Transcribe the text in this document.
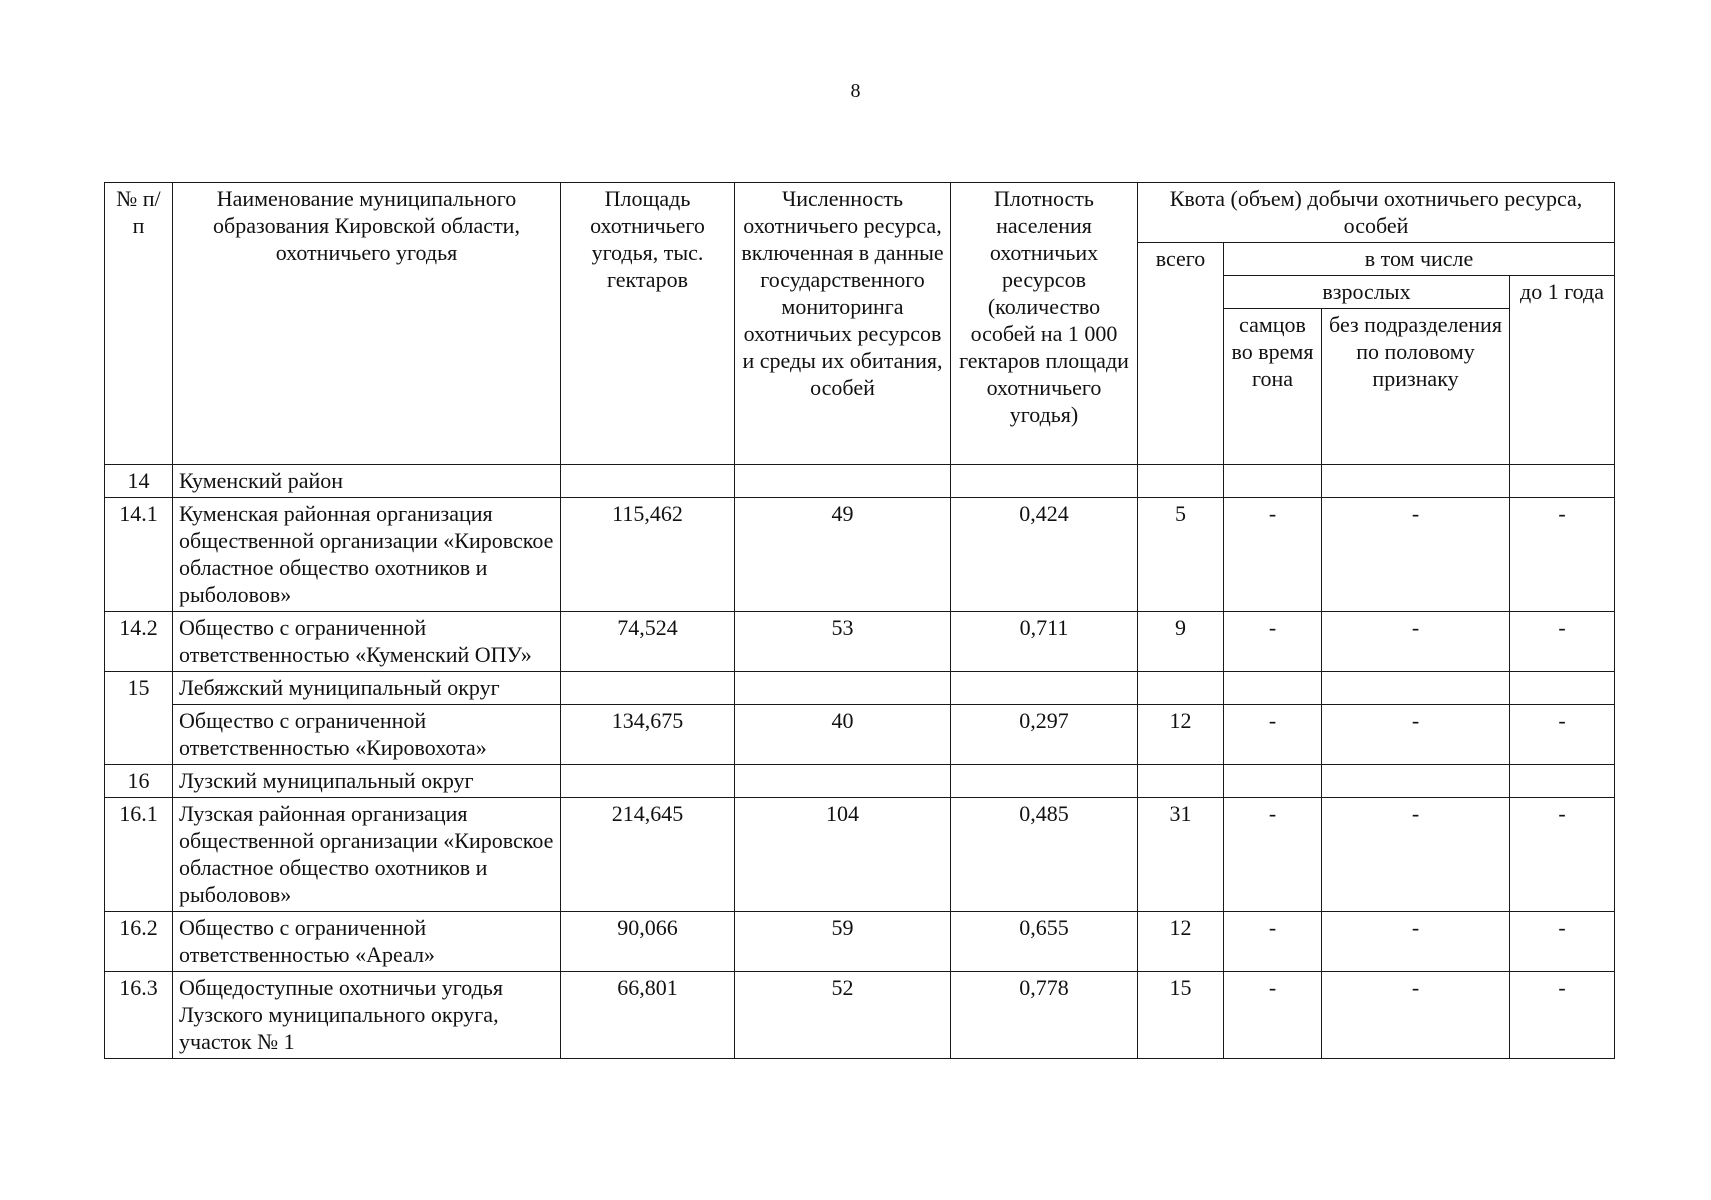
8
№ п/п	Наименование муниципального образования Кировской области, охотничьего угодья	Площадь охотничьего угодья, тыс. гектаров	Численность охотничьего ресурса, включенная в данные государственного мониторинга охотничьих ресурсов и среды их обитания, особей	Плотность населения охотничьих ресурсов (количество особей на 1 000 гектаров площади охотничьего угодья)	Квота (объем) добычи охотничьего ресурса, особей			
					всего	в том числе		
						взрослых		до 1 года
						самцов во время гона	без подразделения по половому признаку	
14	Куменский район							
14.1	Куменская районная организация общественной организации «Кировское областное общество охотников и рыболовов»	115,462	49	0,424	5	-	-	-
14.2	Общество с ограниченной ответственностью «Куменский ОПУ»	74,524	53	0,711	9	-	-	-
15	Лебяжский муниципальный округ							
	Общество с ограниченной ответственностью «Кировохота»	134,675	40	0,297	12	-	-	-
16	Лузский муниципальный округ							
16.1	Лузская районная организация общественной организации «Кировское областное общество охотников и рыболовов»	214,645	104	0,485	31	-	-	-
16.2	Общество с ограниченной ответственностью «Ареал»	90,066	59	0,655	12	-	-	-
16.3	Общедоступные охотничьи угодья Лузского муниципального округа, участок № 1	66,801	52	0,778	15	-	-	-
